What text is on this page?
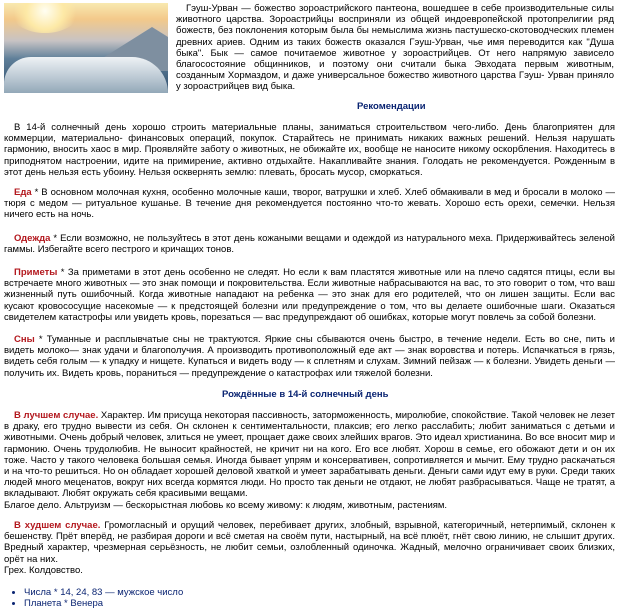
Гэуш-Урван — божество зороастрийского пантеона, вошедшее в себе производительные силы животного царства. Зороастрийцы восприняли из общей индоевропейской протопрелигии ряд божеств, без поклонения которым была бы немыслима жизнь пастушеско-скотоводческих племен древних ариев. Одним из таких божеств оказался Гэуш-Урван, чье имя переводится как "Душа быка". Бык — самое почитаемое животное у зороастрийцев. От него напрямую зависело благосостояние общинников, и поэтому они считали быка Эвходата первым животным, созданным Хормаздом, и даже универсальное божество животного царства Гэуш- Урван приняло у зороастрийцев вид быка.

Рекомендации

В 14-й солнечный день хорошо строить материальные планы, заниматься строительством чего-либо. День благоприятен для коммерции, материально- финансовых операций, покупок. Старайтесь не принимать никаких важных решений. Нельзя нарушать гармонию, вносить хаос в мир. Проявляйте заботу о животных, не обижайте их, вообще не наносите никому оскорбления. Находитесь в приподнятом настроении, идите на примирение, активно отдыхайте. Накапливайте знания. Голодать не рекомендуется. Рожденным в этот день нельзя есть убоину. Нельзя осквернять землю: плевать, бросать мусор, сморкаться.

Еда * В основном молочная кухня, особенно молочные каши, творог, ватрушки и хлеб. Хлеб обмакивали в мед и бросали в молоко — тюря с медом — ритуальное кушанье. В течение дня рекомендуется постоянно что-то жевать. Хорошо есть орехи, семечки. Нельзя ничего есть на ночь.

Одежда * Если возможно, не пользуйтесь в этот день кожаными вещами и одеждой из натурального меха. Придерживайтесь зеленой гаммы. Избегайте всего пестрого и кричащих тонов.

Приметы * За приметами в этот день особенно не следят. Но если к вам пластятся животные или на плечо садятся птицы, если вы встречаете много животных — это знак помощи и покровительства. Если животные набрасываются на вас, то это говорит о том, что ваш жизненный путь ошибочный. Когда животные нападают на ребенка — это знак для его родителей, что он лишен защиты. Если вас кусают кровососущие насекомые — к предстоящей болезни или предупреждение о том, что вы делаете ошибочные шаги. Оказаться свидетелем катастрофы или увидеть кровь, порезаться — вас предупреждают об ошибках, которые могут повлечь за собой болезни.

Сны * Туманные и расплывчатые сны не трактуются. Яркие сны сбываются очень быстро, в течение недели. Есть во сне, пить и видеть молоко— знак удачи и благополучия. А производить противоположный еде акт — знак воровства и потерь. Испачкаться в грязь, видеть себя голым — к упадку и нищете. Купаться и видеть воду — к сплетням и слухам. Зимний пейзаж — к болезни. Увидеть деньги — получить их. Видеть кровь, пораниться — предупреждение о катастрофах или тяжелой болезни.

Рождённые в 14-й солнечный день

В лучшем случае. Характер. Им присуща некоторая пассивность, заторможенность, миролюбие, спокойствие. Такой человек не лезет в драку, его трудно вывести из себя. Он склонен к сентиментальности, плаксив; его легко расслабить; любит заниматься с детьми и животными. Очень добрый человек, злиться не умеет, прощает даже своих злейших врагов. Это идеал христианина. Во все вносит мир и гармонию. Очень трудолюбив. Не выносит крайностей, не кричит ни на кого. Его все любят. Хорош в семье, его обожают дети и он их тоже. Часто у такого человека большая семья. Иногда бывает упрям и консервативен, сопротивляется и мычит. Ему трудно раскачаться и на что-то решиться. Но он обладает хорошей деловой хваткой и умеет зарабатывать деньги. Деньги сами идут ему в руки. Среди таких людей много меценатов, вокруг них всегда кормятся люди. Но просто так деньги не отдают, не любят разбрасываться. Чаще не тратят, а вкладывают. Любят окружать себя красивыми вещами.
Благое дело. Альтруизм — бескорыстная любовь ко всему живому: к людям, животным, растениям.

В худшем случае. Громогласный и орущий человек, перебивает других, злобный, взрывной, категоричный, нетерпимый, склонен к бешенству. Прёт вперёд, не разбирая дороги и всё сметая на своём пути, настырный, на всё плюёт, гнёт свою линию, не слышит других. Вредный характер, чрезмерная серьёзность, не любит семьи, озлобленный одиночка. Жадный, мелочно ограничивает своих близких, орёт на них.
Грех. Колдовство.

• Числа * 14, 24, 83 — мужское число
• Планета * Венера
